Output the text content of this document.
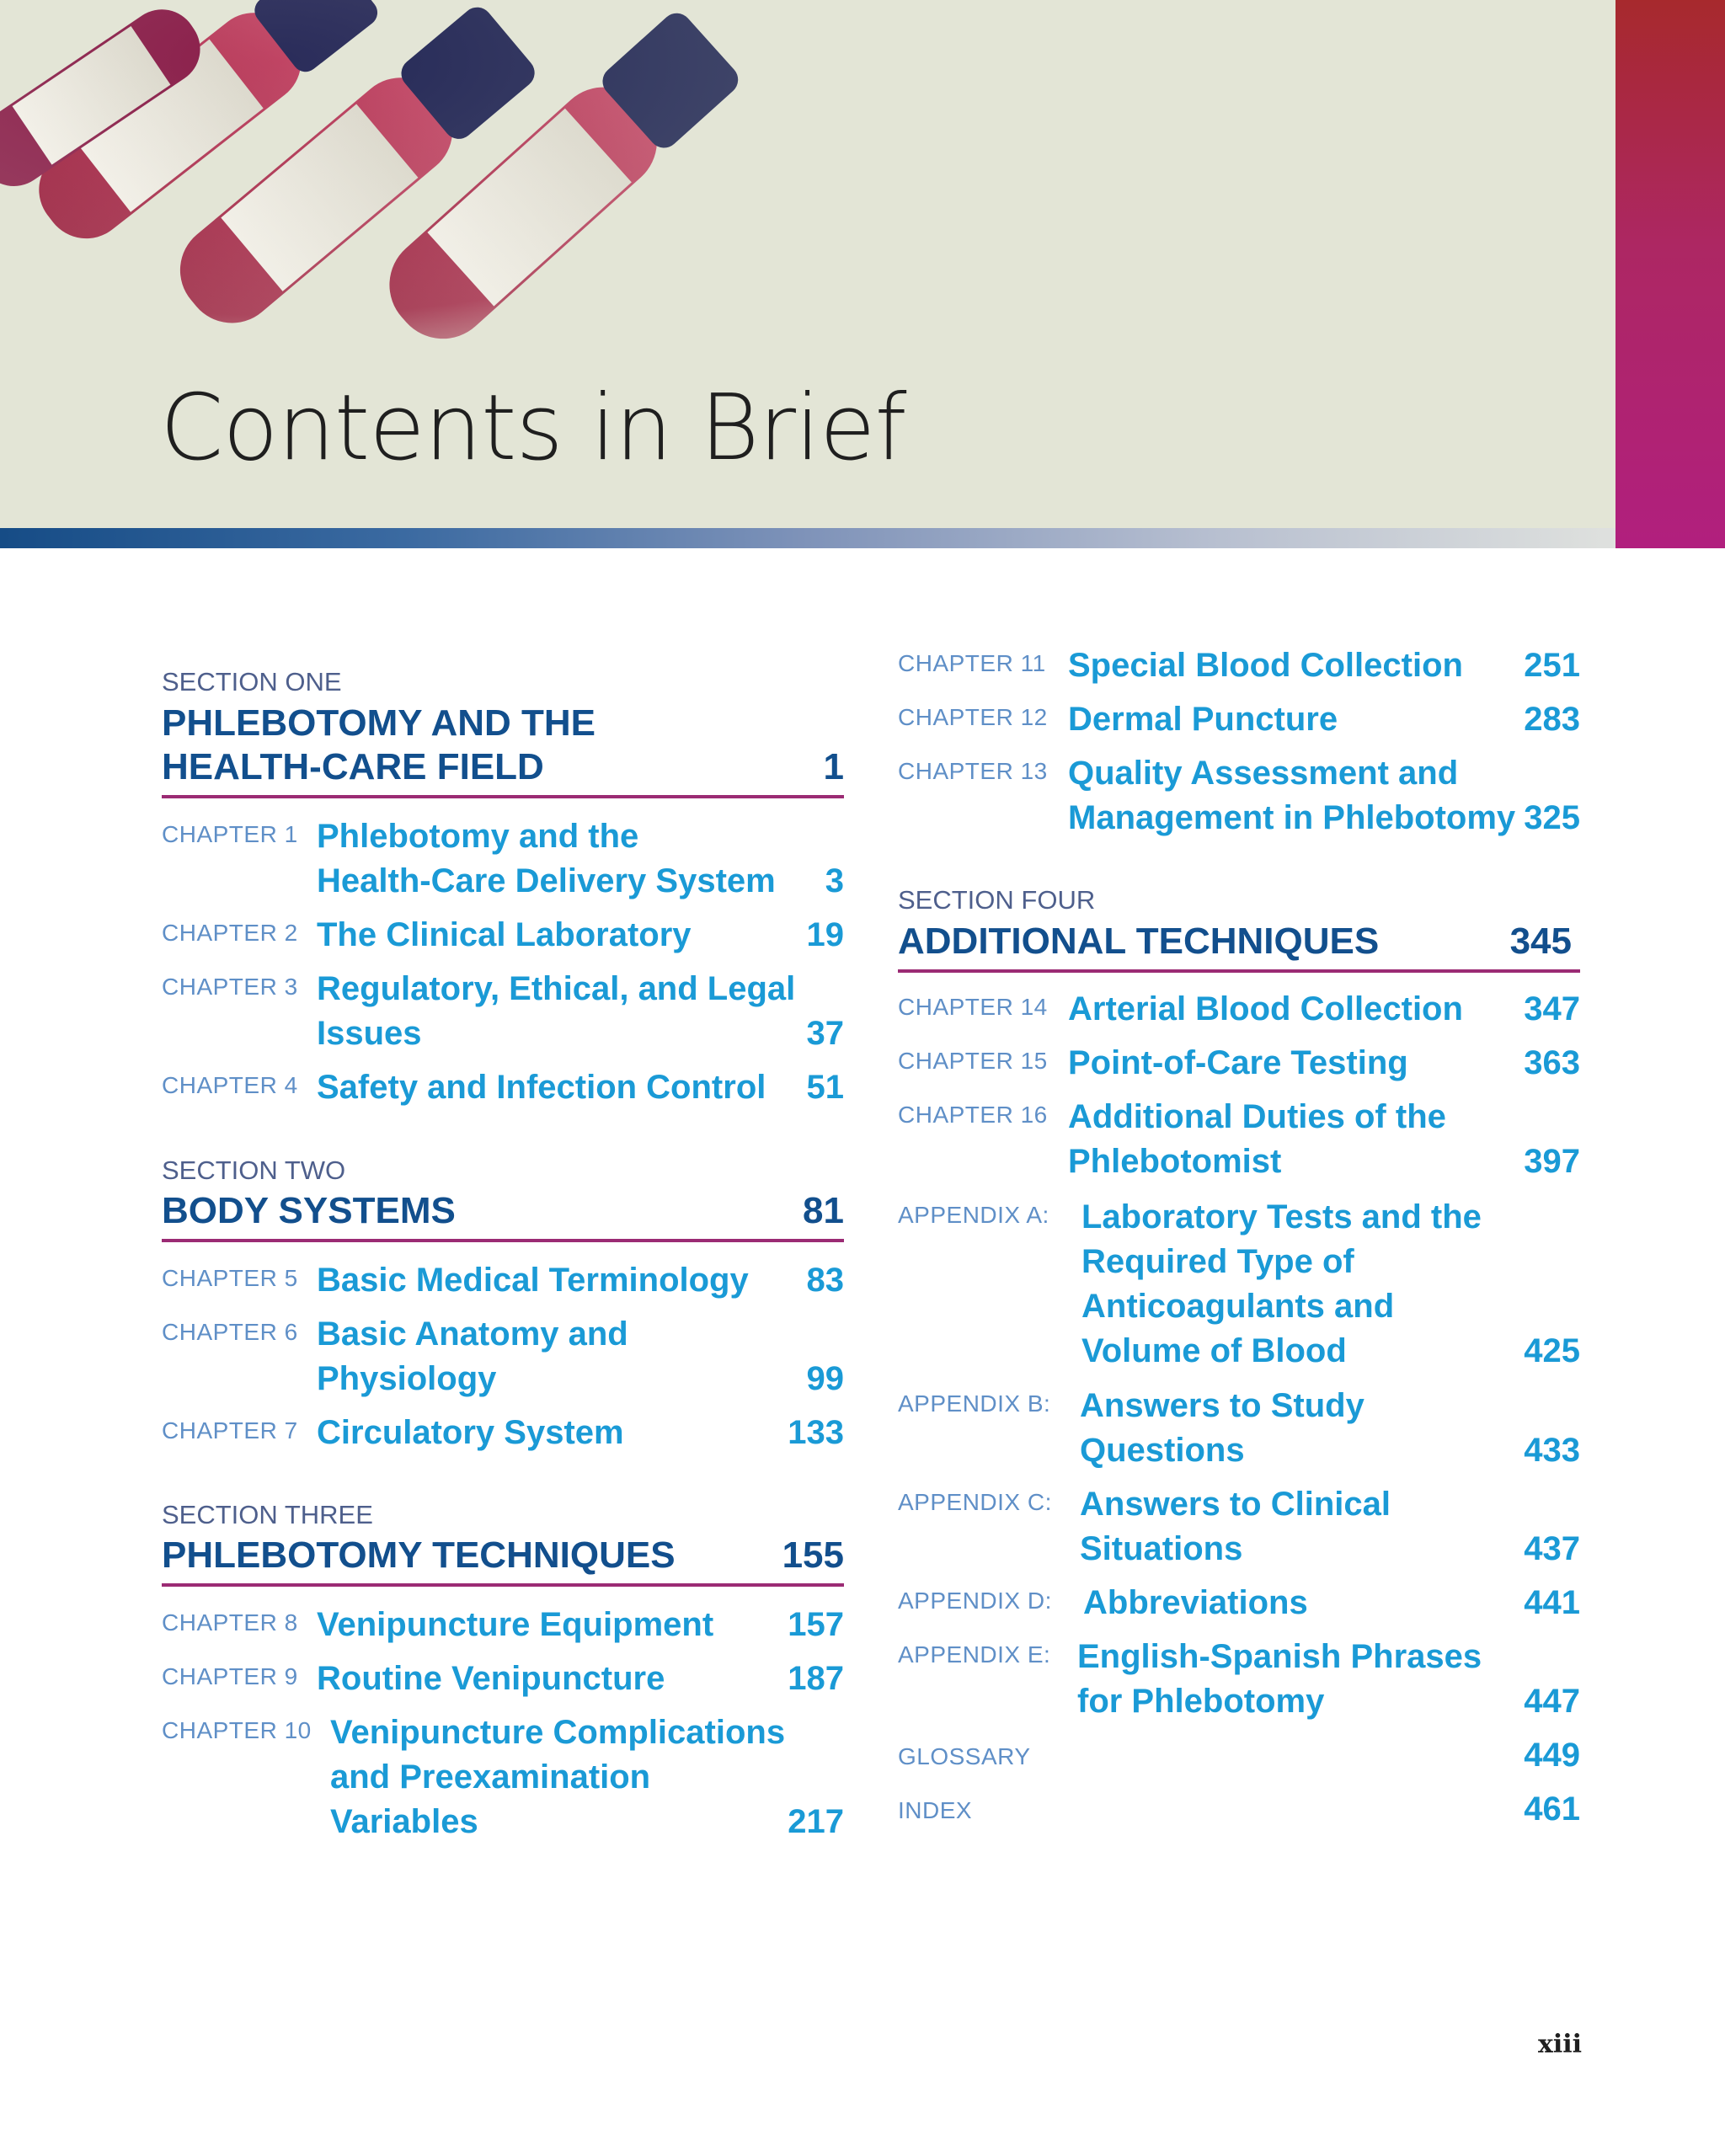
Contents in Brief
SECTION ONE
PHLEBOTOMY AND THE
HEALTH-CARE FIELD	1
CHAPTER 1 Phlebotomy and the
Health-Care Delivery System 3
CHAPTER 2 The Clinical Laboratory	19
CHAPTER 3 Regulatory, Ethical, and Legal
Issues	37
CHAPTER 4 Safety and Infection Control 51
SECTION TWO
BODY SYSTEMS	81
CHAPTER 5 Basic Medical Terminology 83
CHAPTER 6 Basic Anatomy and
Physiology	99
CHAPTER 7 Circulatory System	133
SECTION THREE
PHLEBOTOMY TECHNIQUES	155
CHAPTER 8 Venipuncture Equipment 157
CHAPTER 9 Routine Venipuncture	187
CHAPTER 10 Venipuncture Complications
and Preexamination
Variables	217
CHAPTER 11 Special Blood Collection 251
CHAPTER 12 Dermal Puncture	283
CHAPTER 13 Quality Assessment and
Management in Phlebotomy 325
SECTION FOUR
ADDITIONAL TECHNIQUES	345
CHAPTER 14 Arterial Blood Collection 347
CHAPTER 15 Point-of-Care Testing	363
CHAPTER 16 Additional Duties of the
Phlebotomist	397
APPENDIX A: Laboratory Tests and the
Required Type of
Anticoagulants and
Volume of Blood	425
APPENDIX B: Answers to Study
Questions	433
APPENDIX C: Answers to Clinical
Situations	437
APPENDIX D: Abbreviations	441
APPENDIX E: English-Spanish Phrases
for Phlebotomy	447
GLOSSARY	449
INDEX	461
xiii
